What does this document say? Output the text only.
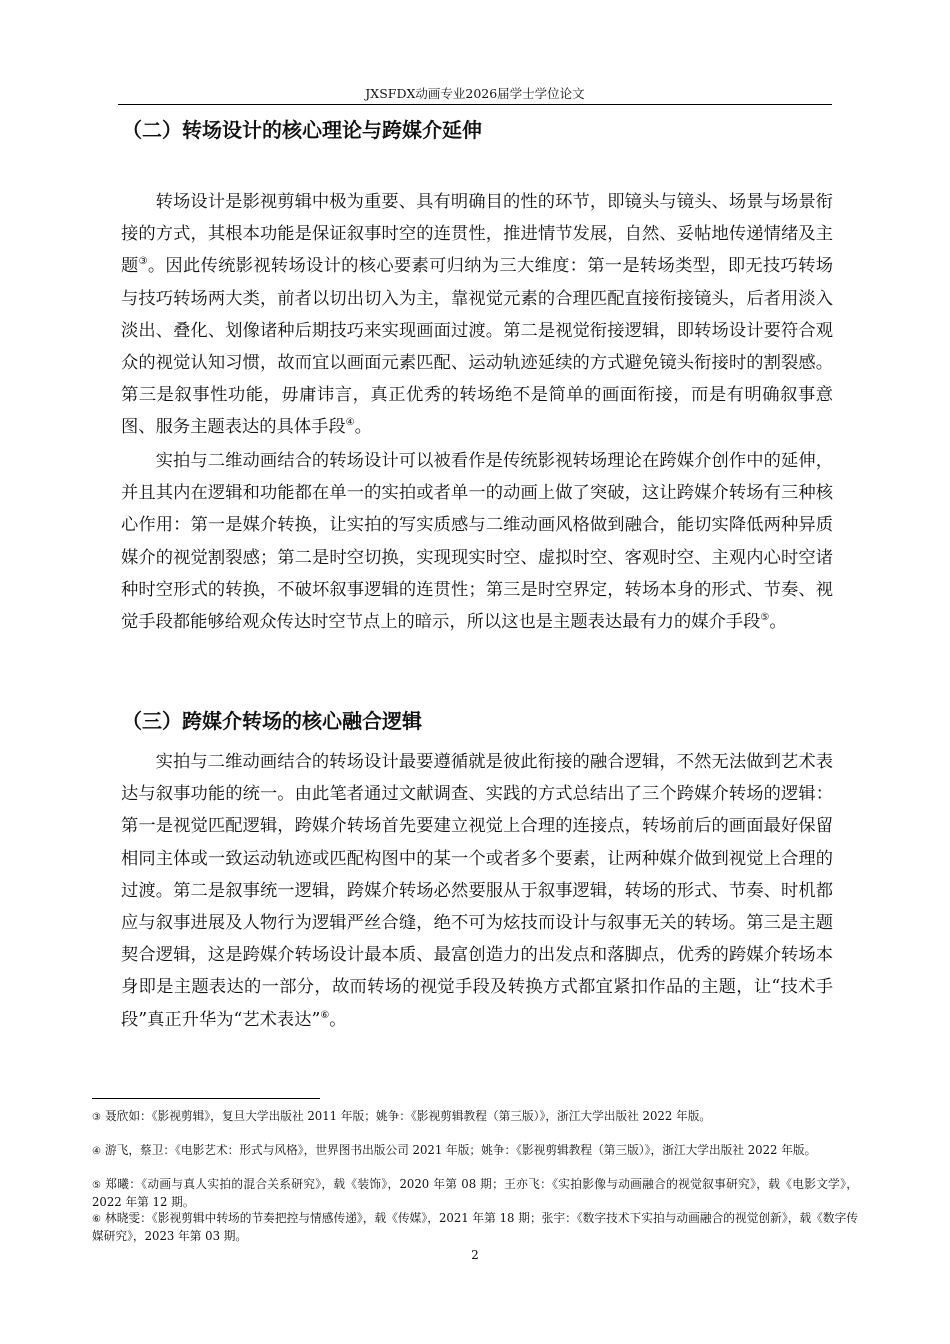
JXSFDX动画专业2026届学士学位论文
（二）转场设计的核心理论与跨媒介延伸

转场设计是影视剪辑中极为重要、具有明确目的性的环节，即镜头与镜头、场景与场景衔接的方式，其根本功能是保证叙事时空的连贯性，推进情节发展，自然、妥帖地传递情绪及主题③。因此传统影视转场设计的核心要素可归纳为三大维度：第一是转场类型，即无技巧转场与技巧转场两大类，前者以切出切入为主，靠视觉元素的合理匹配直接衔接镜头，后者用淡入淡出、叠化、划像诸种后期技巧来实现画面过渡。第二是视觉衔接逻辑，即转场设计要符合观众的视觉认知习惯，故而宜以画面元素匹配、运动轨迹延续的方式避免镜头衔接时的割裂感。第三是叙事性功能，毋庸讳言，真正优秀的转场绝不是简单的画面衔接，而是有明确叙事意图、服务主题表达的具体手段④。

实拍与二维动画结合的转场设计可以被看作是传统影视转场理论在跨媒介创作中的延伸，并且其内在逻辑和功能都在单一的实拍或者单一的动画上做了突破，这让跨媒介转场有三种核心作用：第一是媒介转换，让实拍的写实质感与二维动画风格做到融合，能切实降低两种异质媒介的视觉割裂感；第二是时空切换，实现现实时空、虚拟时空、客观时空、主观内心时空诸种时空形式的转换，不破坏叙事逻辑的连贯性；第三是时空界定，转场本身的形式、节奏、视觉手段都能够给观众传达时空节点上的暗示，所以这也是主题表达最有力的媒介手段⑤。

（三）跨媒介转场的核心融合逻辑

实拍与二维动画结合的转场设计最要遵循就是彼此衔接的融合逻辑，不然无法做到艺术表达与叙事功能的统一。由此笔者通过文献调查、实践的方式总结出了三个跨媒介转场的逻辑：第一是视觉匹配逻辑，跨媒介转场首先要建立视觉上合理的连接点，转场前后的画面最好保留相同主体或一致运动轨迹或匹配构图中的某一个或者多个要素，让两种媒介做到视觉上合理的过渡。第二是叙事统一逻辑，跨媒介转场必然要服从于叙事逻辑，转场的形式、节奏、时机都应与叙事进展及人物行为逻辑严丝合缝，绝不可为炫技而设计与叙事无关的转场。第三是主题契合逻辑，这是跨媒介转场设计最本质、最富创造力的出发点和落脚点，优秀的跨媒介转场本身即是主题表达的一部分，故而转场的视觉手段及转换方式都宜紧扣作品的主题，让“技术手段”真正升华为“艺术表达”⑥。

③ 聂欣如：《影视剪辑》，复旦大学出版社 2011 年版；姚争：《影视剪辑教程（第三版）》，浙江大学出版社 2022 年版。

④ 游飞，蔡卫：《电影艺术：形式与风格》，世界图书出版公司 2021 年版；姚争：《影视剪辑教程（第三版）》，浙江大学出版社 2022 年版。

⑤ 郑曦：《动画与真人实拍的混合关系研究》，载《装饰》，2020 年第 08 期；王亦飞：《实拍影像与动画融合的视觉叙事研究》，载《电影文学》，2022 年第 12 期。

⑥ 林晓雯：《影视剪辑中转场的节奏把控与情感传递》，载《传媒》，2021 年第 18 期；张宇：《数字技术下实拍与动画融合的视觉创新》，载《数字传媒研究》，2023 年第 03 期。

2
